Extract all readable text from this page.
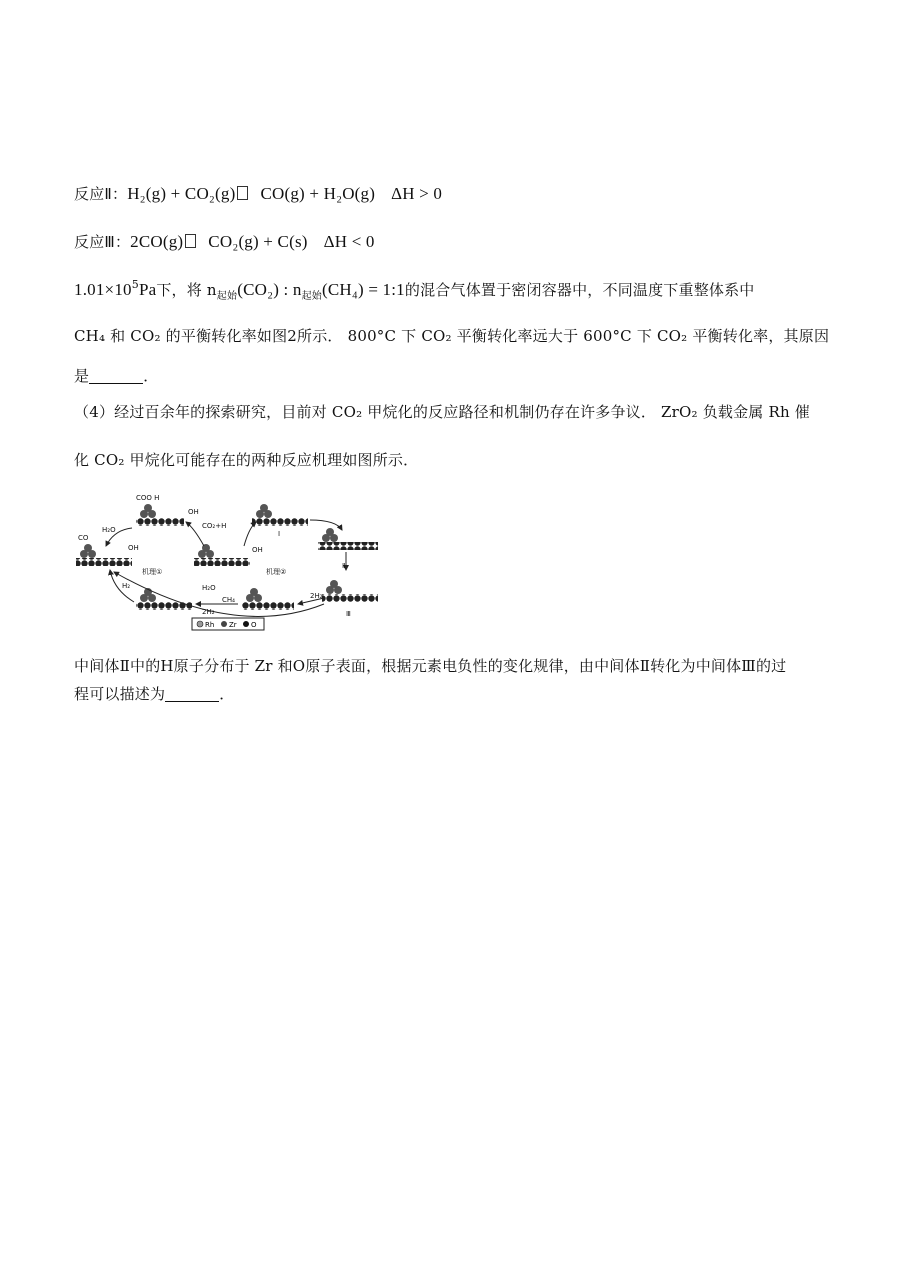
反应Ⅱ：H₂(g) + CO₂(g) CO(g) + H₂O(g) ΔH > 0
反应Ⅲ：2CO(g) CO₂(g) + C(s) ΔH < 0
$1.01\times 10^5Pa$下，将 $n_{起始}(CO_2)$ : $n_{起始}(CH_4)$ = 1:1的混合气体置于密闭容器中，不同温度下重整体系中
CH₄ 和 CO₂ 的平衡转化率如图2所示． 800°C 下 CO₂ 平衡转化率远大于 600°C 下 CO₂ 平衡转化率，其原因
是	．
（4）经过百余年的探索研究，目前对 CO₂ 甲烷化的反应路径和机制仍存在许多争议． ZrO₂ 负载金属 Rh 催
化 CO₂ 甲烷化可能存在的两种反应机理如图所示．
COO H
OH
H₂O	CO₂+H
CO
OH
机理①
OH
机理②
Ⅰ
Ⅱ
Ⅲ
H₂	H₂O
2H₂
CH₄	2H₂
Rh Zr O
中间体Ⅱ中的H原子分布于 Zr 和O原子表面，根据元素电负性的变化规律，由中间体Ⅱ转化为中间体Ⅲ的过
程可以描述为	．
